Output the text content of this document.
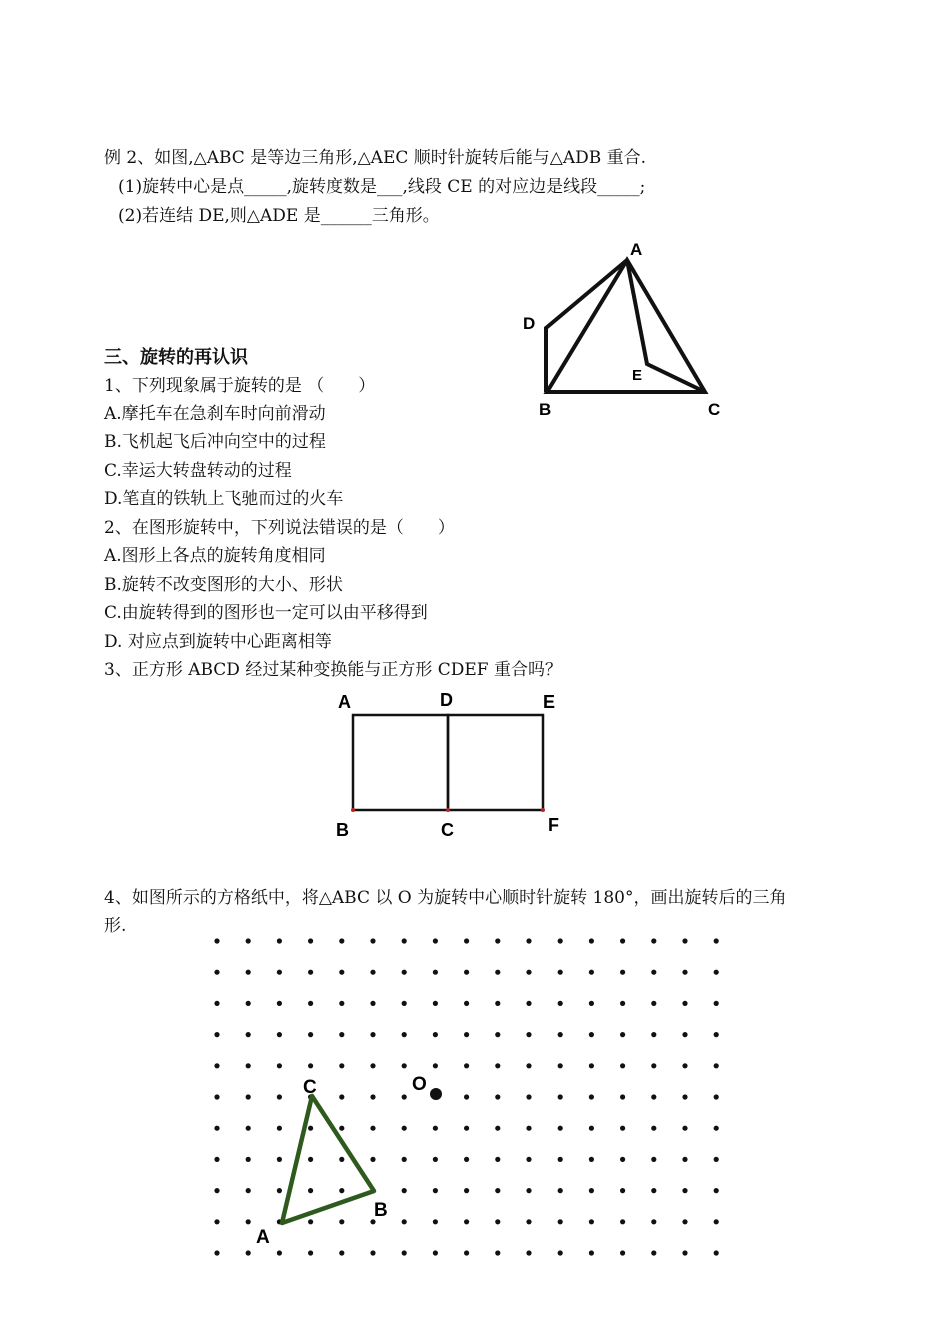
例 2、如图,△ABC 是等边三角形,△AEC 顺时针旋转后能与△ADB 重合.
(1)旋转中心是点_____,旋转度数是___,线段 CE 的对应边是线段_____;
(2)若连结 DE,则△ADE 是______三角形。
A
D
E
B	C
三、旋转的再认识
1、下列现象属于旋转的是 （　　）
A.摩托车在急刹车时向前滑动
B.飞机起飞后冲向空中的过程
C.幸运大转盘转动的过程
D.笔直的铁轨上飞驰而过的火车
2、在图形旋转中，下列说法错误的是（　　）
A.图形上各点的旋转角度相同
B.旋转不改变图形的大小、形状
C.由旋转得到的图形也一定可以由平移得到
D. 对应点到旋转中心距离相等
3、正方形 ABCD 经过某种变换能与正方形 CDEF 重合吗？
A	D	E
B	C	F
4、如图所示的方格纸中，将△ABC 以 O 为旋转中心顺时针旋转 180°，画出旋转后的三角
形.
O
C
B
A
